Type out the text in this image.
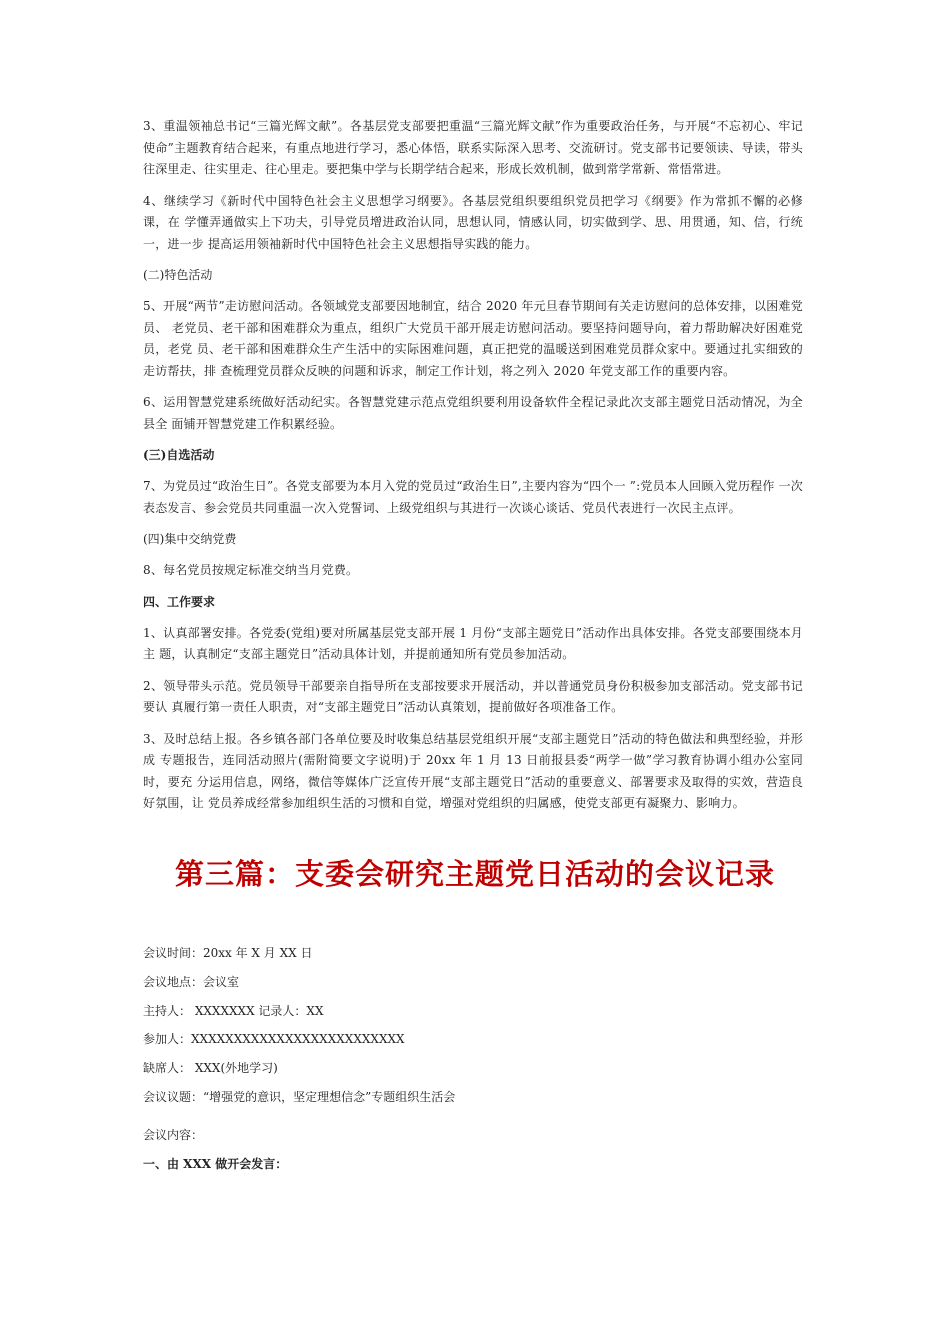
3、重温领袖总书记“三篇光辉文献”。各基层党支部要把重温“三篇光辉文献”作为重要政治任务，与开展“不忘初心、牢记使命”主题教育结合起来，有重点地进行学习，悉心体悟，联系实际深入思考、交流研讨。党支部书记要领读、导读，带头往深里走、往实里走、往心里走。要把集中学与长期学结合起来，形成长效机制，做到常学常新、常悟常进。

4、继续学习《新时代中国特色社会主义思想学习纲要》。各基层党组织要组织党员把学习《纲要》作为常抓不懈的必修课，在 学懂弄通做实上下功夫，引导党员增进政治认同，思想认同，情感认同，切实做到学、思、用贯通，知、信，行统一，进一步 提高运用领袖新时代中国特色社会主义思想指导实践的能力。

(二)特色活动

5、开展“两节”走访慰问活动。各领域党支部要因地制宜，结合 2020 年元旦春节期间有关走访慰问的总体安排，以困难党员、 老党员、老干部和困难群众为重点，组织广大党员干部开展走访慰问活动。要坚持问题导向，着力帮助解决好困难党员，老党 员、老干部和困难群众生产生活中的实际困难问题，真正把党的温暖送到困难党员群众家中。要通过扎实细致的走访帮扶，排 查梳理党员群众反映的问题和诉求，制定工作计划，将之列入 2020 年党支部工作的重要内容。

6、运用智慧党建系统做好活动纪实。各智慧党建示范点党组织要利用设备软件全程记录此次支部主题党日活动情况，为全县全 面铺开智慧党建工作积累经验。

(三)自选活动

7、为党员过“政治生日”。各党支部要为本月入党的党员过“政治生日”,主要内容为“四个一 ”:党员本人回顾入党历程作 一次表态发言、参会党员共同重温一次入党誓词、上级党组织与其进行一次谈心谈话、党员代表进行一次民主点评。

(四)集中交纳党费

8、每名党员按规定标准交纳当月党费。

四、工作要求

1、认真部署安排。各党委(党组)要对所属基层党支部开展 1 月份“支部主题党日”活动作出具体安排。各党支部要围绕本月主 题，认真制定“支部主题党日”活动具体计划，并提前通知所有党员参加活动。

2、领导带头示范。党员领导干部要亲自指导所在支部按要求开展活动，并以普通党员身份积极参加支部活动。党支部书记要认 真履行第一责任人职责，对“支部主题党日”活动认真策划，提前做好各项准备工作。

3、及时总结上报。各乡镇各部门各单位要及时收集总结基层党组织开展“支部主题党日”活动的特色做法和典型经验，并形成 专题报告，连同活动照片(需附简要文字说明)于 20xx 年 1 月 13 日前报县委“两学一做”学习教育协调小组办公室同时，要充 分运用信息，网络，微信等媒体广泛宣传开展“支部主题党日”活动的重要意义、部署要求及取得的实效，营造良好氛围，让 党员养成经常参加组织生活的习惯和自觉，增强对党组织的归属感，使党支部更有凝聚力、影响力。

第三篇：支委会研究主题党日活动的会议记录
会议时间：20xx 年 X 月 XX 日
会议地点：会议室
主持人： XXXXXXX 记录人：XX
参加人：XXXXXXXXXXXXXXXXXXXXXXXXX
缺席人： XXX(外地学习)
会议议题：“增强党的意识，坚定理想信念”专题组织生活会
会议内容：
一、由 XXX 做开会发言：
